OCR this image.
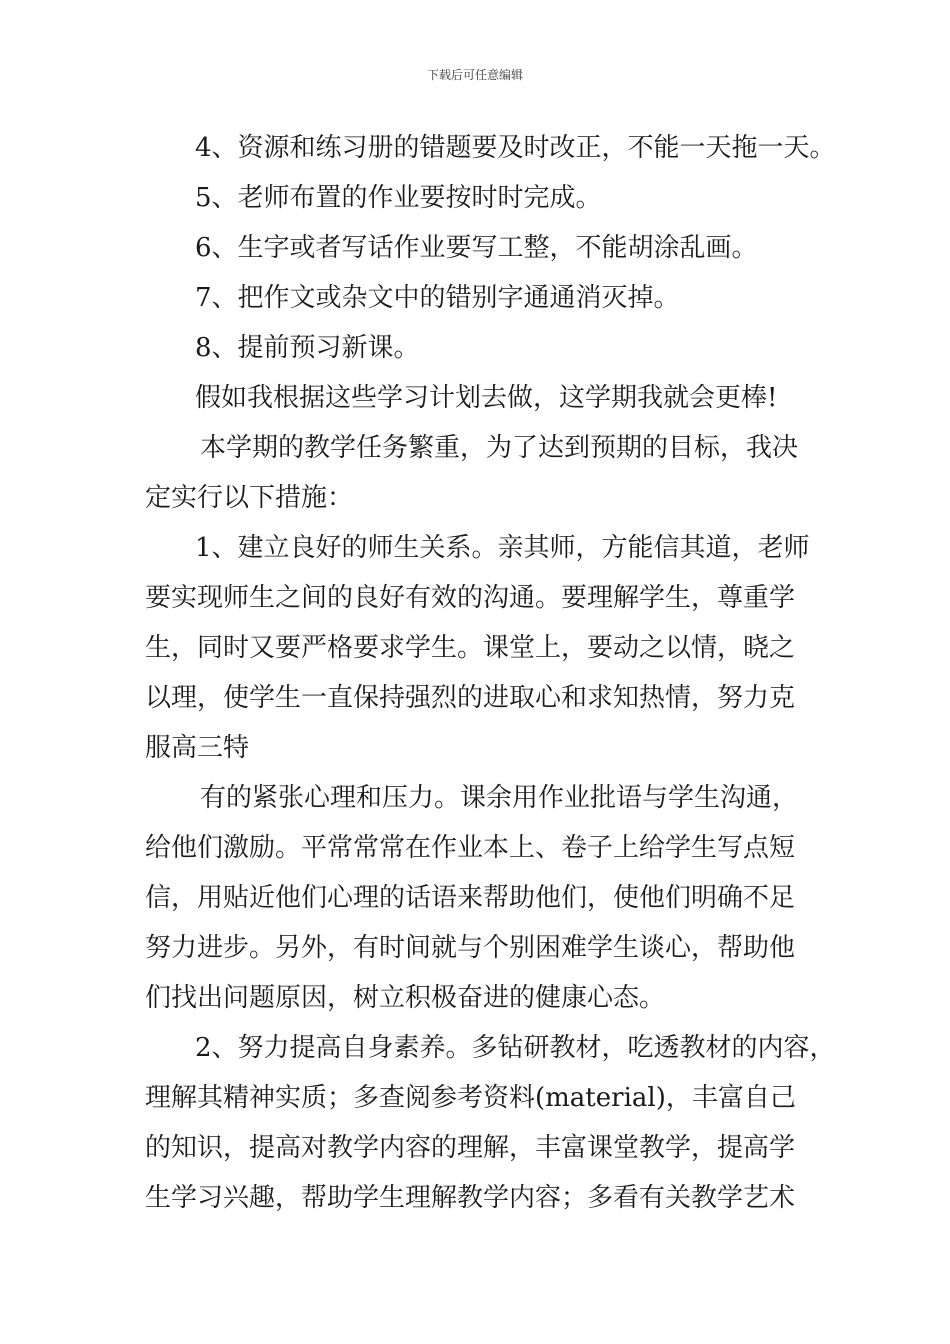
下载后可任意编辑
4、资源和练习册的错题要及时改正，不能一天拖一天。
5、老师布置的作业要按时时完成。
6、生字或者写话作业要写工整，不能胡涂乱画。
7、把作文或杂文中的错别字通通消灭掉。
8、提前预习新课。
假如我根据这些学习计划去做，这学期我就会更棒!
本学期的教学任务繁重，为了达到预期的目标，我决
定实行以下措施：
1、建立良好的师生关系。亲其师，方能信其道，老师
要实现师生之间的良好有效的沟通。要理解学生，尊重学
生，同时又要严格要求学生。课堂上，要动之以情，晓之
以理，使学生一直保持强烈的进取心和求知热情，努力克
服高三特
有的紧张心理和压力。课余用作业批语与学生沟通，
给他们激励。平常常常在作业本上、卷子上给学生写点短
信，用贴近他们心理的话语来帮助他们，使他们明确不足
努力进步。另外，有时间就与个别困难学生谈心，帮助他
们找出问题原因，树立积极奋进的健康心态。
2、努力提高自身素养。多钻研教材，吃透教材的内容，
理解其精神实质；多查阅参考资料(material)，丰富自己
的知识，提高对教学内容的理解，丰富课堂教学，提高学
生学习兴趣，帮助学生理解教学内容；多看有关教学艺术
